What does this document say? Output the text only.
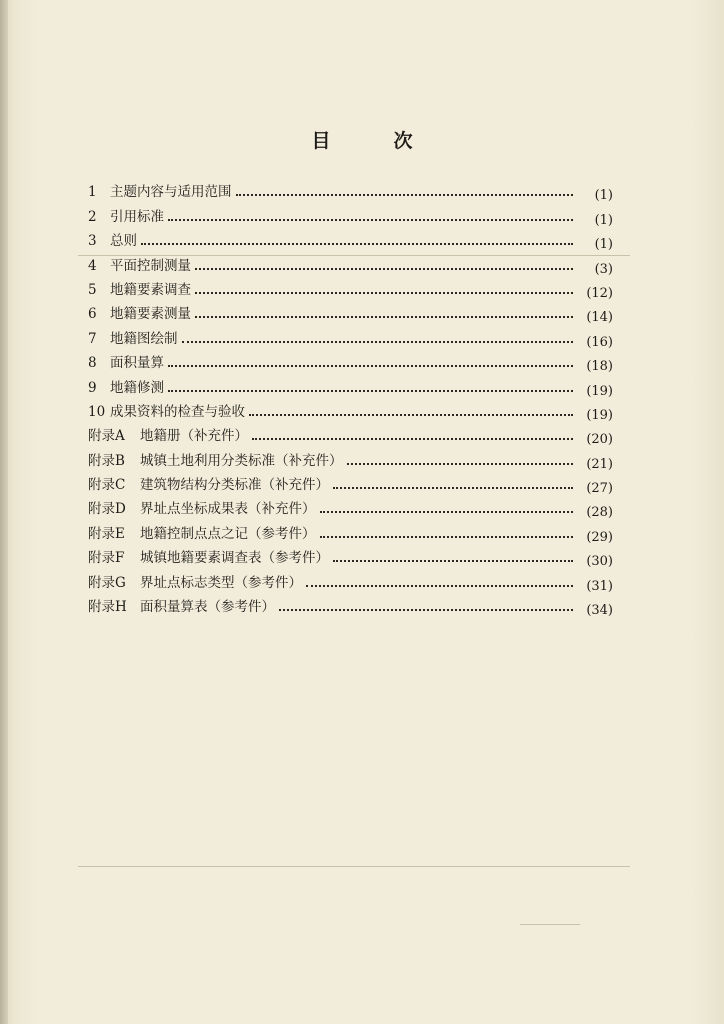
目　次
1 主题内容与适用范围	(1)
2 引用标准	(1)
3 总则	(1)
4 平面控制测量	(3)
5 地籍要素调查	(12)
6 地籍要素测量	(14)
7 地籍图绘制	(16)
8 面积量算	(18)
9 地籍修测	(19)
10 成果资料的检查与验收	(19)
附录A 地籍册（补充件）	(20)
附录B 城镇土地利用分类标准（补充件）	(21)
附录C 建筑物结构分类标准（补充件）	(27)
附录D 界址点坐标成果表（补充件）	(28)
附录E 地籍控制点点之记（参考件）	(29)
附录F 城镇地籍要素调查表（参考件）	(30)
附录G 界址点标志类型（参考件）	(31)
附录H 面积量算表（参考件）	(34)
